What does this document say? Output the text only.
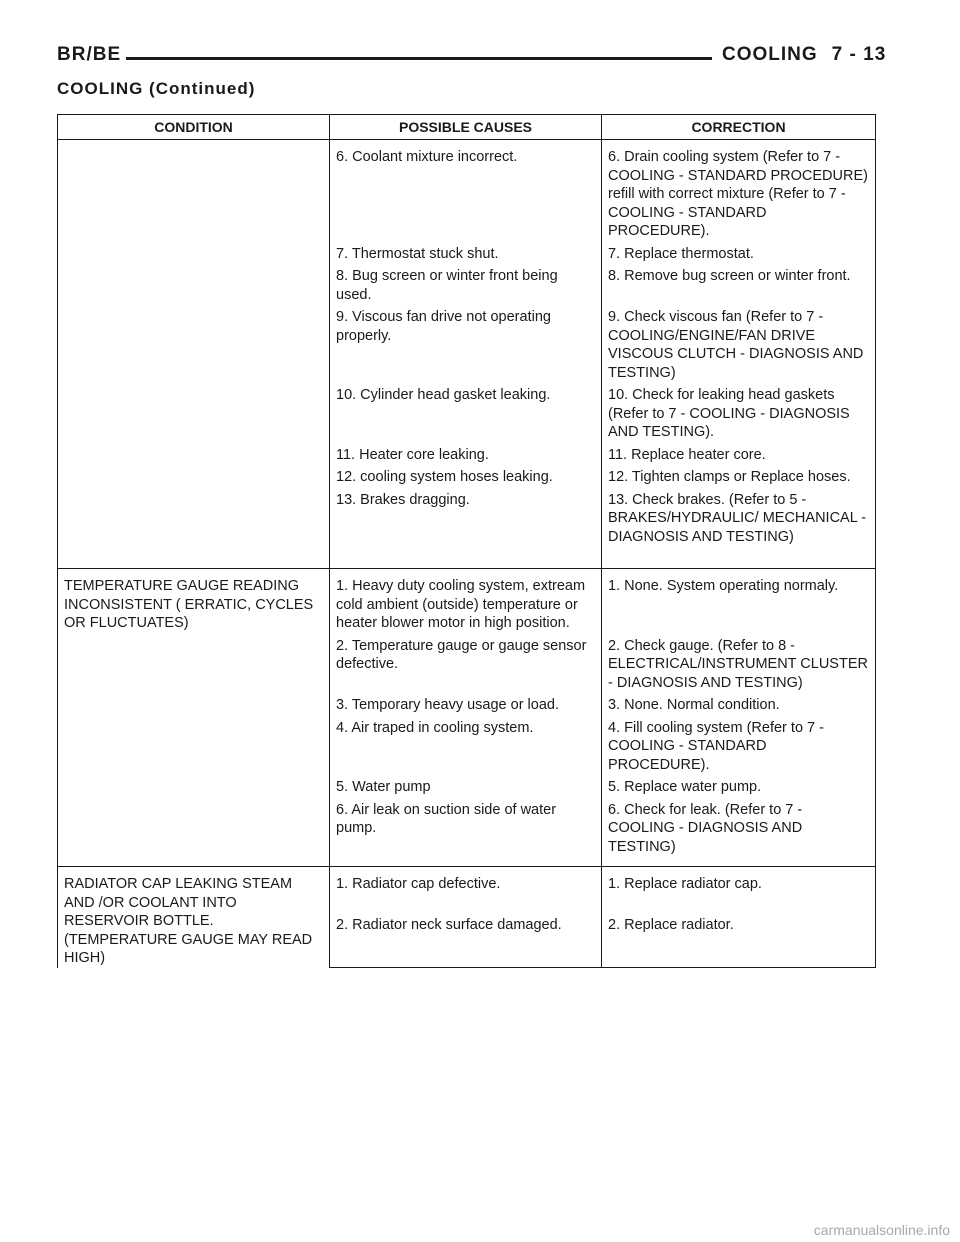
BR/BE	COOLING 7 - 13
COOLING (Continued)
CONDITION	POSSIBLE CAUSES	CORRECTION
	6. Coolant mixture incorrect.	6. Drain cooling system (Refer to 7 - COOLING - STANDARD PROCEDURE) refill with correct mixture (Refer to 7 - COOLING - STANDARD PROCEDURE).
	7. Thermostat stuck shut.	7. Replace thermostat.
	8. Bug screen or winter front being used.	8. Remove bug screen or winter front.
	9. Viscous fan drive not operating properly.	9. Check viscous fan (Refer to 7 - COOLING/ENGINE/FAN DRIVE VISCOUS CLUTCH - DIAGNOSIS AND TESTING)
	10. Cylinder head gasket leaking.	10. Check for leaking head gaskets (Refer to 7 - COOLING - DIAGNOSIS AND TESTING).
	11. Heater core leaking.	11. Replace heater core.
	12. cooling system hoses leaking.	12. Tighten clamps or Replace hoses.
	13. Brakes dragging.	13. Check brakes. (Refer to 5 - BRAKES/HYDRAULIC/ MECHANICAL - DIAGNOSIS AND TESTING)
TEMPERATURE GAUGE READING INCONSISTENT ( ERRATIC, CYCLES OR FLUCTUATES)	1. Heavy duty cooling system, extream cold ambient (outside) temperature or heater blower motor in high position.	1. None. System operating normaly.
	2. Temperature gauge or gauge sensor defective.	2. Check gauge. (Refer to 8 - ELECTRICAL/INSTRUMENT CLUSTER - DIAGNOSIS AND TESTING)
	3. Temporary heavy usage or load.	3. None. Normal condition.
	4. Air traped in cooling system.	4. Fill cooling system (Refer to 7 - COOLING - STANDARD PROCEDURE).
	5. Water pump	5. Replace water pump.
	6. Air leak on suction side of water pump.	6. Check for leak. (Refer to 7 - COOLING - DIAGNOSIS AND TESTING)
RADIATOR CAP LEAKING STEAM AND /OR COOLANT INTO RESERVOIR BOTTLE. (TEMPERATURE GAUGE MAY READ HIGH)	1. Radiator cap defective.	1. Replace radiator cap.
	2. Radiator neck surface damaged.	2. Replace radiator.
carmanualsonline.info
